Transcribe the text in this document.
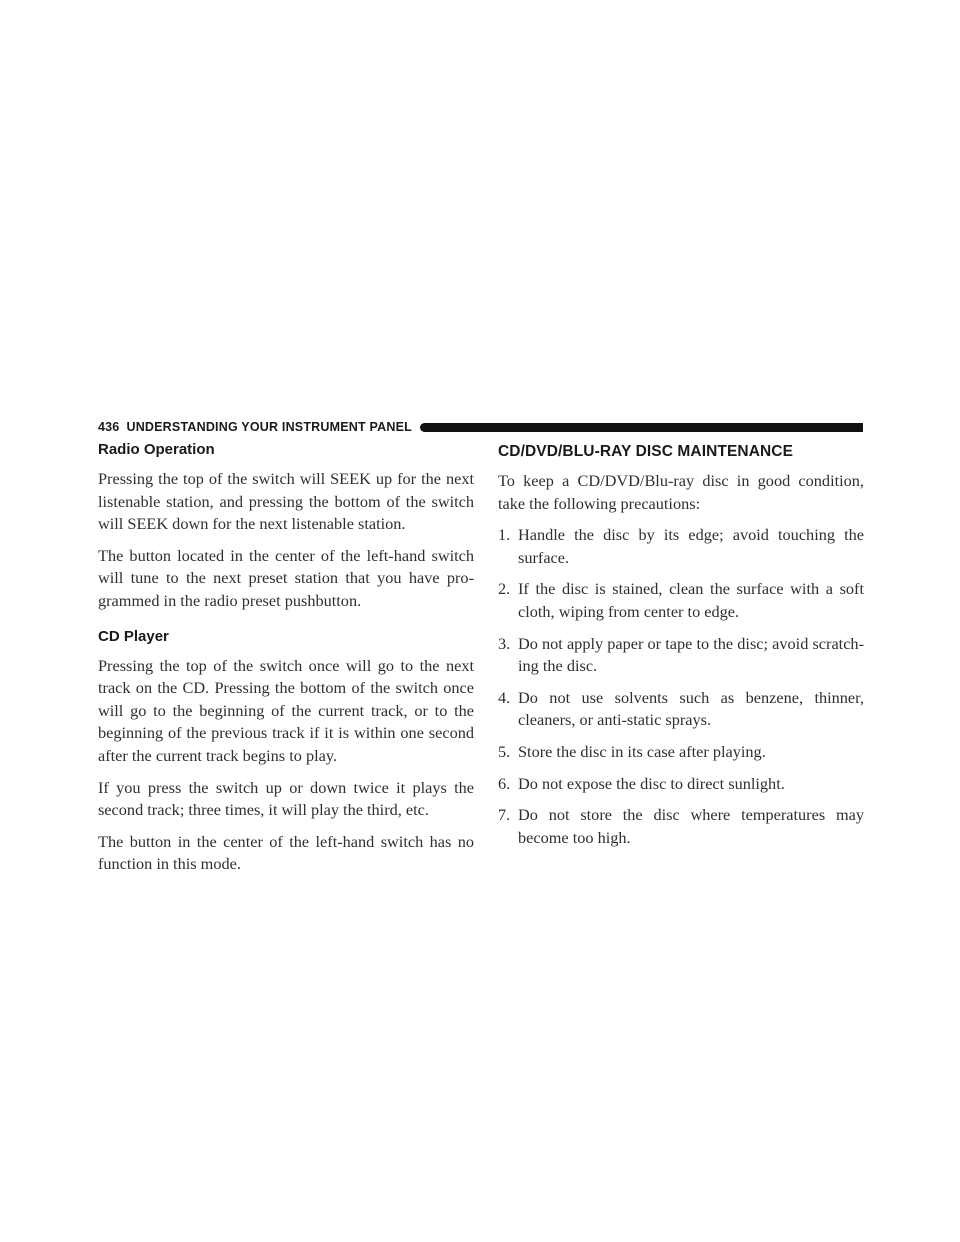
436 UNDERSTANDING YOUR INSTRUMENT PANEL
Radio Operation

Pressing the top of the switch will SEEK up for the next listenable station, and pressing the bottom of the switch will SEEK down for the next listenable station.

The button located in the center of the left-hand switch will tune to the next preset station that you have pro-grammed in the radio preset pushbutton.

CD Player

Pressing the top of the switch once will go to the next track on the CD. Pressing the bottom of the switch once will go to the beginning of the current track, or to the beginning of the previous track if it is within one second after the current track begins to play.

If you press the switch up or down twice it plays the second track; three times, it will play the third, etc.

The button in the center of the left-hand switch has no function in this mode.

CD/DVD/BLU-RAY DISC MAINTENANCE

To keep a CD/DVD/Blu-ray disc in good condition, take the following precautions:

1. Handle the disc by its edge; avoid touching the surface.
2. If the disc is stained, clean the surface with a soft cloth, wiping from center to edge.
3. Do not apply paper or tape to the disc; avoid scratch-ing the disc.
4. Do not use solvents such as benzene, thinner, cleaners, or anti-static sprays.
5. Store the disc in its case after playing.
6. Do not expose the disc to direct sunlight.
7. Do not store the disc where temperatures may become too high.
